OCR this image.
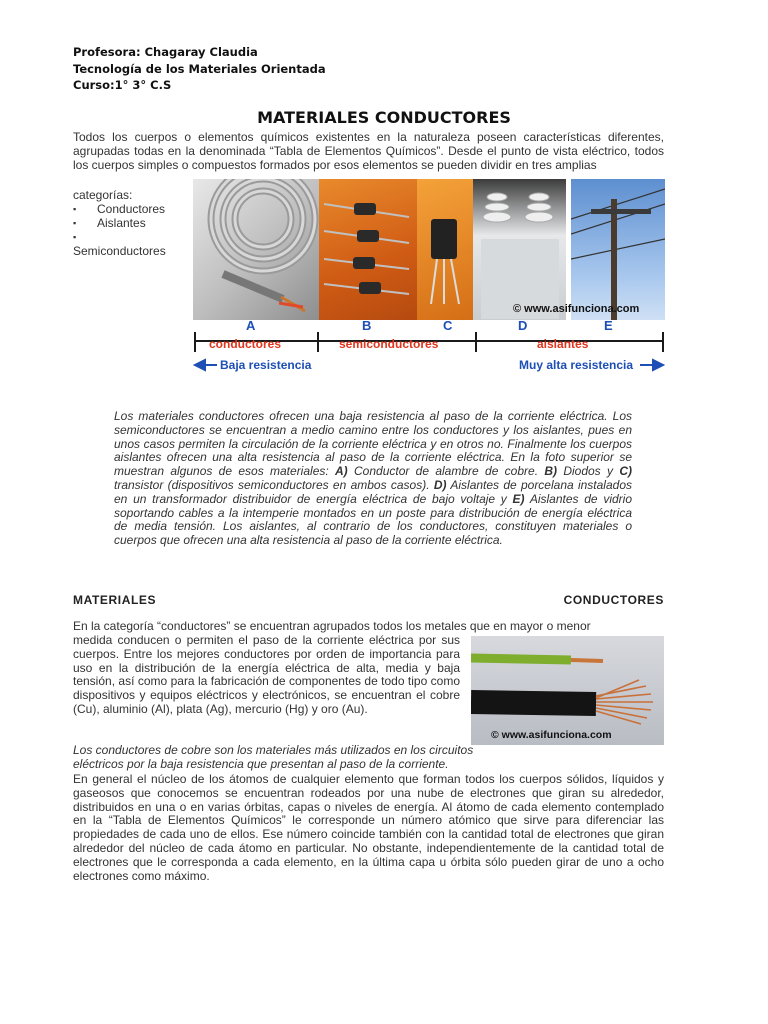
Profesora: Chagaray Claudia
Tecnología de los Materiales Orientada
Curso:1° 3° C.S
MATERIALES CONDUCTORES
Todos los cuerpos o elementos químicos existentes en la naturaleza poseen características diferentes, agrupadas todas en la denominada “Tabla de Elementos Químicos”. Desde el punto de vista eléctrico, todos los cuerpos simples o compuestos formados por esos elementos se pueden dividir en tres amplias
categorías:
▪ Conductores
▪ Aislantes
▪
Semiconductores
© www.asifunciona.com
A	B	C	D	E
conductores	semiconductores	aislantes
Baja resistencia	Muy alta resistencia
Los materiales conductores ofrecen una baja resistencia al paso de la corriente eléctrica. Los semiconductores se encuentran a medio camino entre los conductores y los aislantes, pues en unos casos permiten la circulación de la corriente eléctrica y en otros no. Finalmente los cuerpos aislantes ofrecen una alta resistencia al paso de la corriente eléctrica. En la foto superior se muestran algunos de esos materiales: A) Conductor de alambre de cobre. B) Diodos y C) transistor (dispositivos semiconductores en ambos casos). D) Aislantes de porcelana instalados en un transformador distribuidor de energía eléctrica de bajo voltaje y E) Aislantes de vidrio soportando cables a la intemperie montados en un poste para distribución de energía eléctrica de media tensión. Los aislantes, al contrario de los conductores, constituyen materiales o cuerpos que ofrecen una alta resistencia al paso de la corriente eléctrica.
MATERIALES	CONDUCTORES
En la categoría “conductores” se encuentran agrupados todos los metales que en mayor o menor
medida conducen o permiten el paso de la corriente eléctrica por sus cuerpos. Entre los mejores conductores por orden de importancia para uso en la distribución de la energía eléctrica de alta, media y baja tensión, así como para la fabricación de componentes de todo tipo como dispositivos y equipos eléctricos y electrónicos, se encuentran el cobre (Cu), aluminio (Al), plata (Ag), mercurio (Hg) y oro (Au).
© www.asifunciona.com
Los conductores de cobre son los materiales más utilizados en los circuitos eléctricos por la baja resistencia que presentan al paso de la corriente.
En general el núcleo de los átomos de cualquier elemento que forman todos los cuerpos sólidos, líquidos y gaseosos que conocemos se encuentran rodeados por una nube de electrones que giran su alrededor, distribuidos en una o en varias órbitas, capas o niveles de energía. Al átomo de cada elemento contemplado en la “Tabla de Elementos Químicos” le corresponde un número atómico que sirve para diferenciar las propiedades de cada uno de ellos. Ese número coincide también con la cantidad total de electrones que giran alrededor del núcleo de cada átomo en particular. No obstante, independientemente de la cantidad total de electrones que le corresponda a cada elemento, en la última capa u órbita sólo pueden girar de uno a ocho electrones como máximo.
